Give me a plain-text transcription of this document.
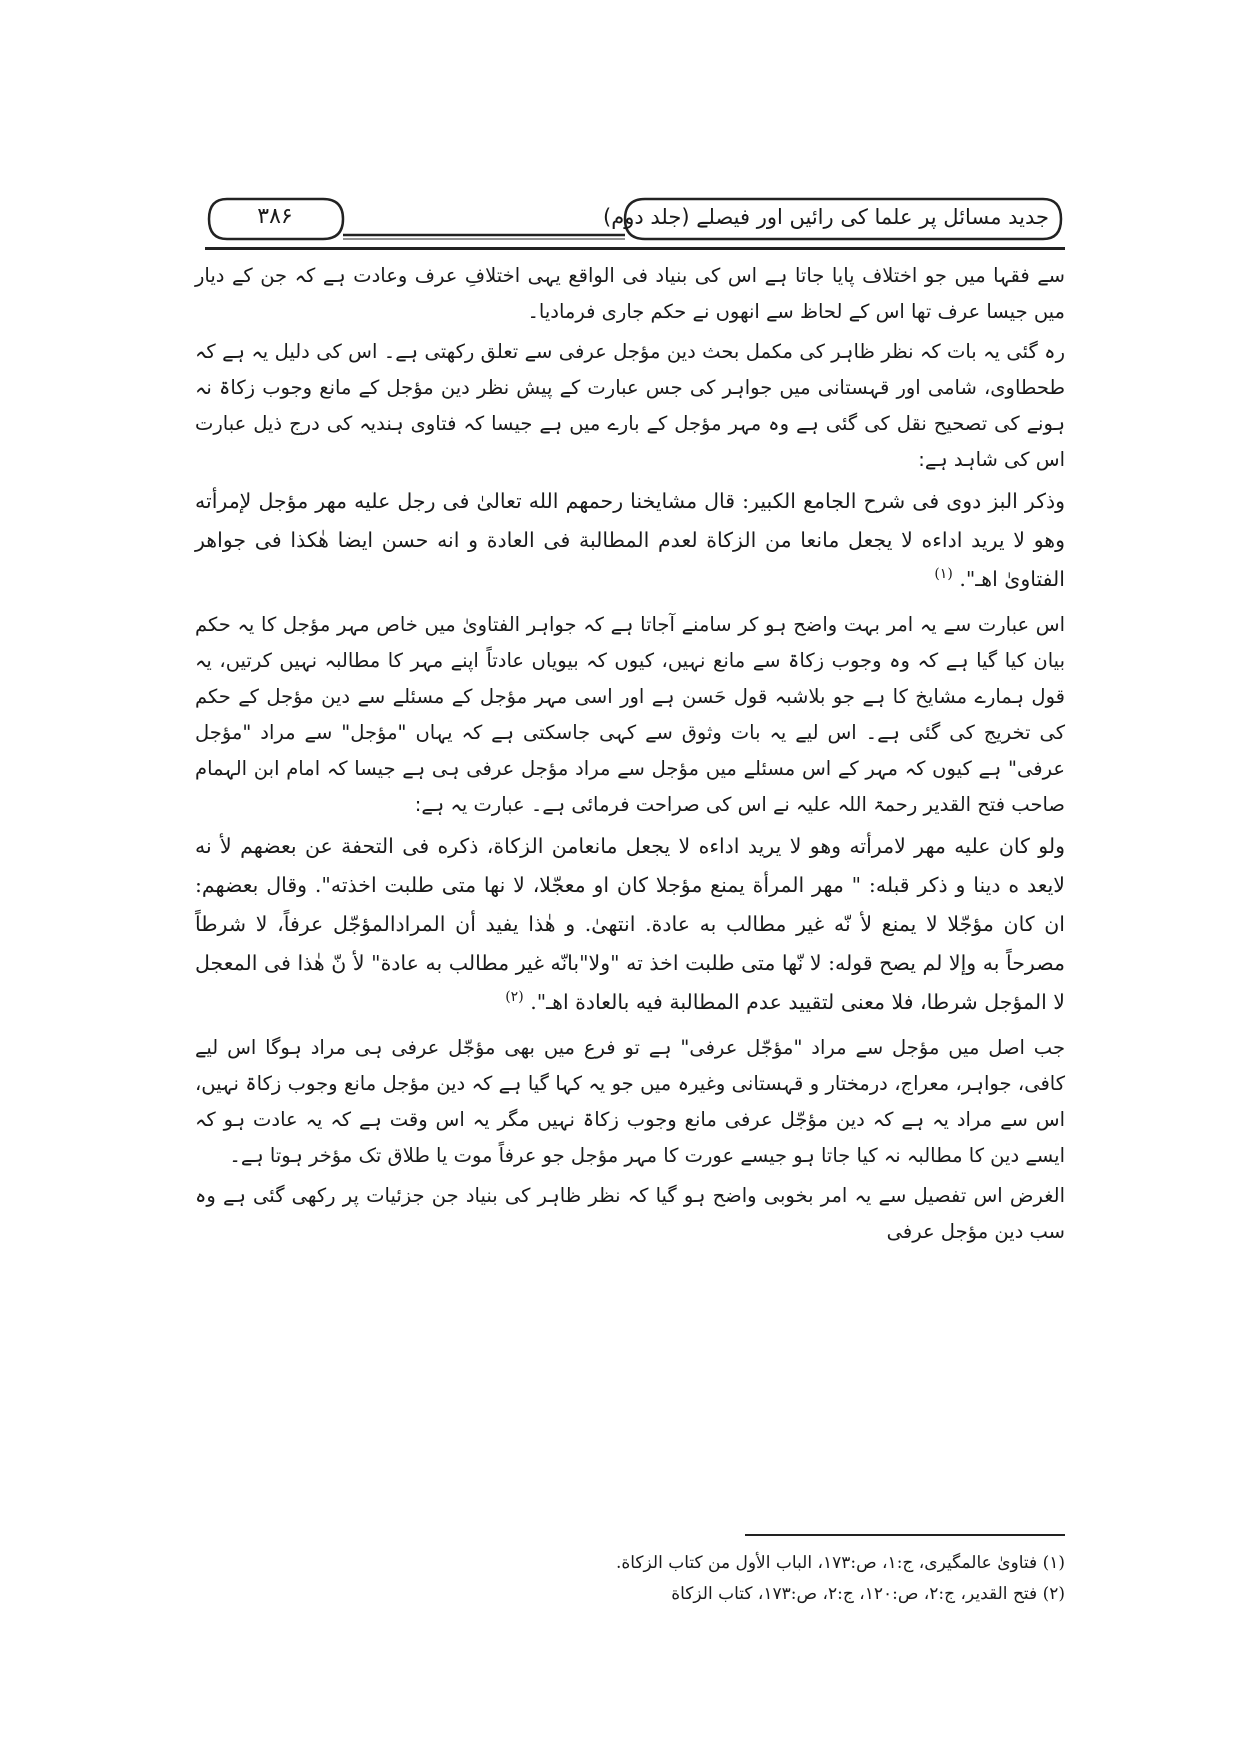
۳۸۶	جدید مسائل پر علما کی رائیں اور فیصلے (جلد دوم)

سے فقہا میں جو اختلاف پایا جاتا ہے اس کی بنیاد فی الواقع یہی اختلافِ عرف وعادت ہے کہ جن کے دیار میں جیسا عرف تھا اس کے لحاظ سے انھوں نے حکم جاری فرمادیا۔

رہ گئی یہ بات کہ نظر ظاہر کی مکمل بحث دین مؤجل عرفی سے تعلق رکھتی ہے۔ اس کی دلیل یہ ہے کہ طحطاوی، شامی اور قہستانی میں جواہر کی جس عبارت کے پیش نظر دین مؤجل کے مانع وجوب زکاۃ نہ ہونے کی تصحیح نقل کی گئی ہے وہ مہر مؤجل کے بارے میں ہے جیسا کہ فتاوی ہندیہ کی درج ذیل عبارت اس کی شاہد ہے:

وذكر البز دوی فی شرح الجامع الكبير: قال مشايخنا رحمهم الله تعالىٰ فی رجل عليه مهر مؤجل لإمرأته وهو لا يريد اداءه لا يجعل مانعا من الزكاة لعدم المطالبة فی العادة و انه حسن ايضا هٰكذا فی جواهر الفتاویٰ اهـ". $^{(۱)}$

اس عبارت سے یہ امر بہت واضح ہو کر سامنے آجاتا ہے کہ جواہر الفتاویٰ میں خاص مہر مؤجل کا یہ حکم بیان کیا گیا ہے کہ وہ وجوب زکاۃ سے مانع نہیں، کیوں کہ بیویاں عادتاً اپنے مہر کا مطالبہ نہیں کرتیں، یہ قول ہمارے مشایخ کا ہے جو بلاشبہ قول حَسن ہے اور اسی مہر مؤجل کے مسئلے سے دین مؤجل کے حکم کی تخریج کی گئی ہے۔ اس لیے یہ بات وثوق سے کہی جاسکتی ہے کہ یہاں "مؤجل" سے مراد "مؤجل عرفی" ہے کیوں کہ مہر کے اس مسئلے میں مؤجل سے مراد مؤجل عرفی ہی ہے جیسا کہ امام ابن الہمام صاحب فتح القدیر رحمۃ اللہ علیہ نے اس کی صراحت فرمائی ہے۔ عبارت یہ ہے:

ولو كان عليه مهر لامرأته وهو لا يريد اداءه لا يجعل مانعامن الزكاة، ذكره فی التحفة عن بعضهم لأ نه لايعد ه دينا و ذكر قبله: " مهر المرأة يمنع مؤجلا كان او معجّلا، لا نها متی طلبت اخذته". وقال بعضهم: ان كان مؤجّلا لا يمنع لأ نّه غير مطالب به عادة. انتهیٰ. و هٰذا يفيد أن المرادالمؤجّل عرفاً، لا شرطاً مصرحاً به وإلا لم يصح قوله: لا نّها متی طلبت اخذ ته "ولا"بانّه غير مطالب به عادة" لأ نّ هٰذا فی المعجل لا المؤجل شرطا، فلا معنى لتقييد عدم المطالبة فيه بالعادة اهـ". $^{(۲)}$

جب اصل میں مؤجل سے مراد "مؤجّل عرفی" ہے تو فرع میں بھی مؤجّل عرفی ہی مراد ہوگا اس لیے کافی، جواہر، معراج، درمختار و قہستانی وغیرہ میں جو یہ کہا گیا ہے کہ دین مؤجل مانع وجوب زکاۃ نہیں، اس سے مراد یہ ہے کہ دین مؤجّل عرفی مانع وجوب زکاۃ نہیں مگر یہ اس وقت ہے کہ یہ عادت ہو کہ ایسے دین کا مطالبہ نہ کیا جاتا ہو جیسے عورت کا مہر مؤجل جو عرفاً موت یا طلاق تک مؤخر ہوتا ہے۔

الغرض اس تفصیل سے یہ امر بخوبی واضح ہو گیا کہ نظر ظاہر کی بنیاد جن جزئیات پر رکھی گئی ہے وہ سب دین مؤجل عرفی

(۱) فتاویٰ عالمگیری، ج:۱، ص:۱۷۳، الباب الأول من كتاب الزكاة.
(۲) فتح القدير، ج:۲، ص:۱۲۰، ج:۲، ص:۱۷۳، كتاب الزكاة
